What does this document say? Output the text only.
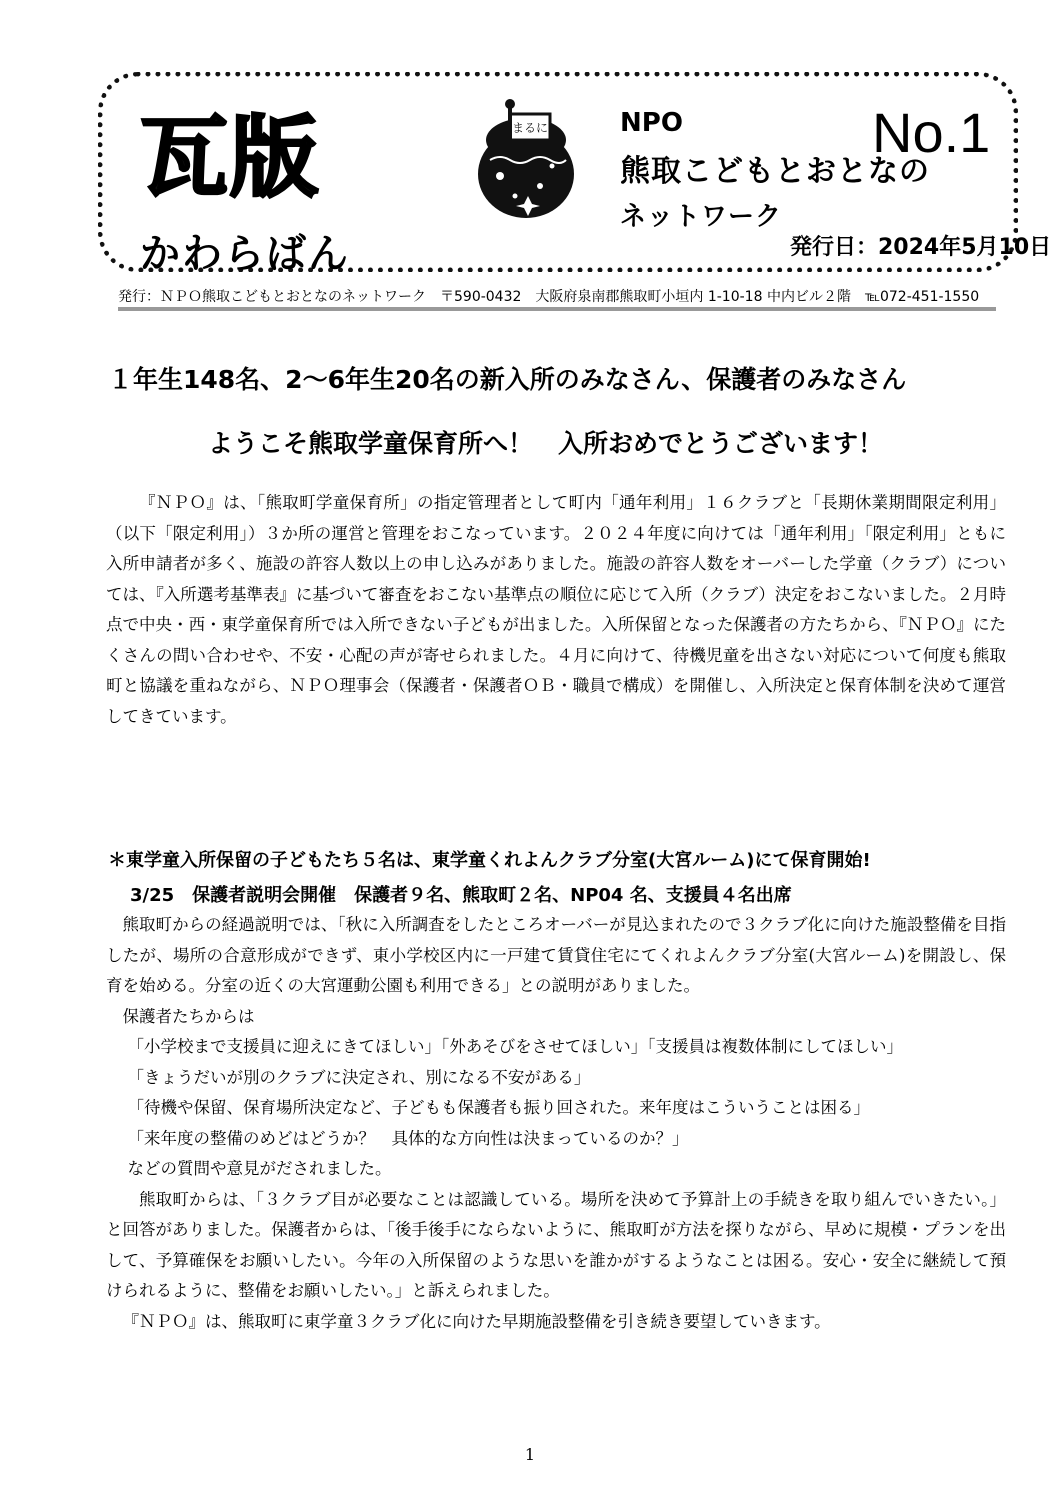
瓦版
かわらばん
まるに	NPO
熊取こどもとおとなの
ネットワーク
No.1
発行日：2024年5月10日
発行：ＮＰＯ熊取こどもとおとなのネットワーク　〒590-0432　大阪府泉南郡熊取町小垣内 1-10-18 中内ビル２階　℡072-451-1550
１年生148名、2～6年生20名の新入所のみなさん、保護者のみなさん
ようこそ熊取学童保育所へ！　入所おめでとうございます！

『ＮＰＯ』は、「熊取町学童保育所」の指定管理者として町内「通年利用」１６クラブと「長期休業期間限定利用」（以下「限定利用」）３か所の運営と管理をおこなっています。２０２４年度に向けては「通年利用」「限定利用」ともに入所申請者が多く、施設の許容人数以上の申し込みがありました。施設の許容人数をオーバーした学童（クラブ）については、『入所選考基準表』に基づいて審査をおこない基準点の順位に応じて入所（クラブ）決定をおこないました。２月時点で中央・西・東学童保育所では入所できない子どもが出ました。入所保留となった保護者の方たちから、『ＮＰＯ』にたくさんの問い合わせや、不安・心配の声が寄せられました。４月に向けて、待機児童を出さない対応について何度も熊取町と協議を重ねながら、ＮＰＯ理事会（保護者・保護者ＯＢ・職員で構成）を開催し、入所決定と保育体制を決めて運営してきています。

＊東学童入所保留の子どもたち５名は、東学童くれよんクラブ分室(大宮ルーム)にて保育開始!
3/25　保護者説明会開催　保護者９名、熊取町２名、NP04 名、支援員４名出席

熊取町からの経過説明では、「秋に入所調査をしたところオーバーが見込まれたので３クラブ化に向けた施設整備を目指したが、場所の合意形成ができず、東小学校区内に一戸建て賃貸住宅にてくれよんクラブ分室(大宮ルーム)を開設し、保育を始める。分室の近くの大宮運動公園も利用できる」との説明がありました。

保護者たちからは

「小学校まで支援員に迎えにきてほしい」「外あそびをさせてほしい」「支援員は複数体制にしてほしい」

「きょうだいが別のクラブに決定され、別になる不安がある」

「待機や保留、保育場所決定など、子どもも保護者も振り回された。来年度はこういうことは困る」

「来年度の整備のめどはどうか？　具体的な方向性は決まっているのか？」

などの質問や意見がだされました。

熊取町からは、「３クラブ目が必要なことは認識している。場所を決めて予算計上の手続きを取り組んでいきたい。」と回答がありました。保護者からは、「後手後手にならないように、熊取町が方法を探りながら、早めに規模・プランを出して、予算確保をお願いしたい。今年の入所保留のような思いを誰かがするようなことは困る。安心・安全に継続して預けられるように、整備をお願いしたい。」と訴えられました。

『ＮＰＯ』は、熊取町に東学童３クラブ化に向けた早期施設整備を引き続き要望していきます。

1
